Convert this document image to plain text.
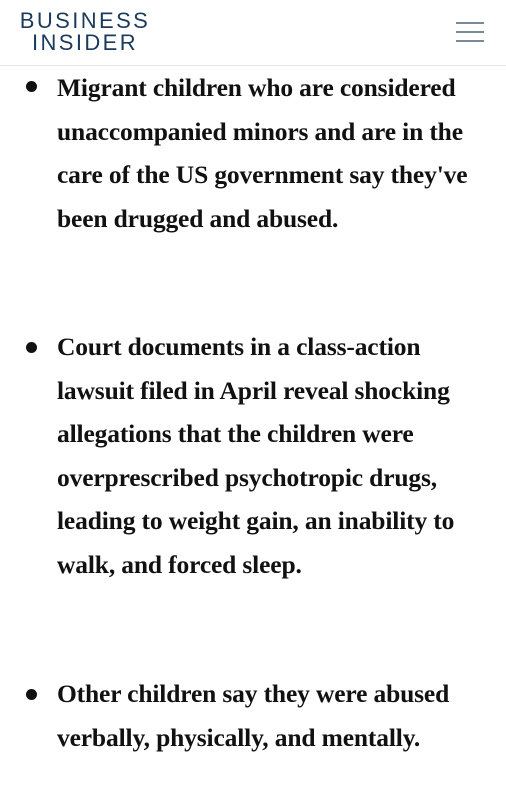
BUSINESS
INSIDER
Migrant children who are considered unaccompanied minors and are in the care of the US government say they've been drugged and abused.
Court documents in a class-action lawsuit filed in April reveal shocking allegations that the children were overprescribed psychotropic drugs, leading to weight gain, an inability to walk, and forced sleep.
Other children say they were abused verbally, physically, and mentally.
